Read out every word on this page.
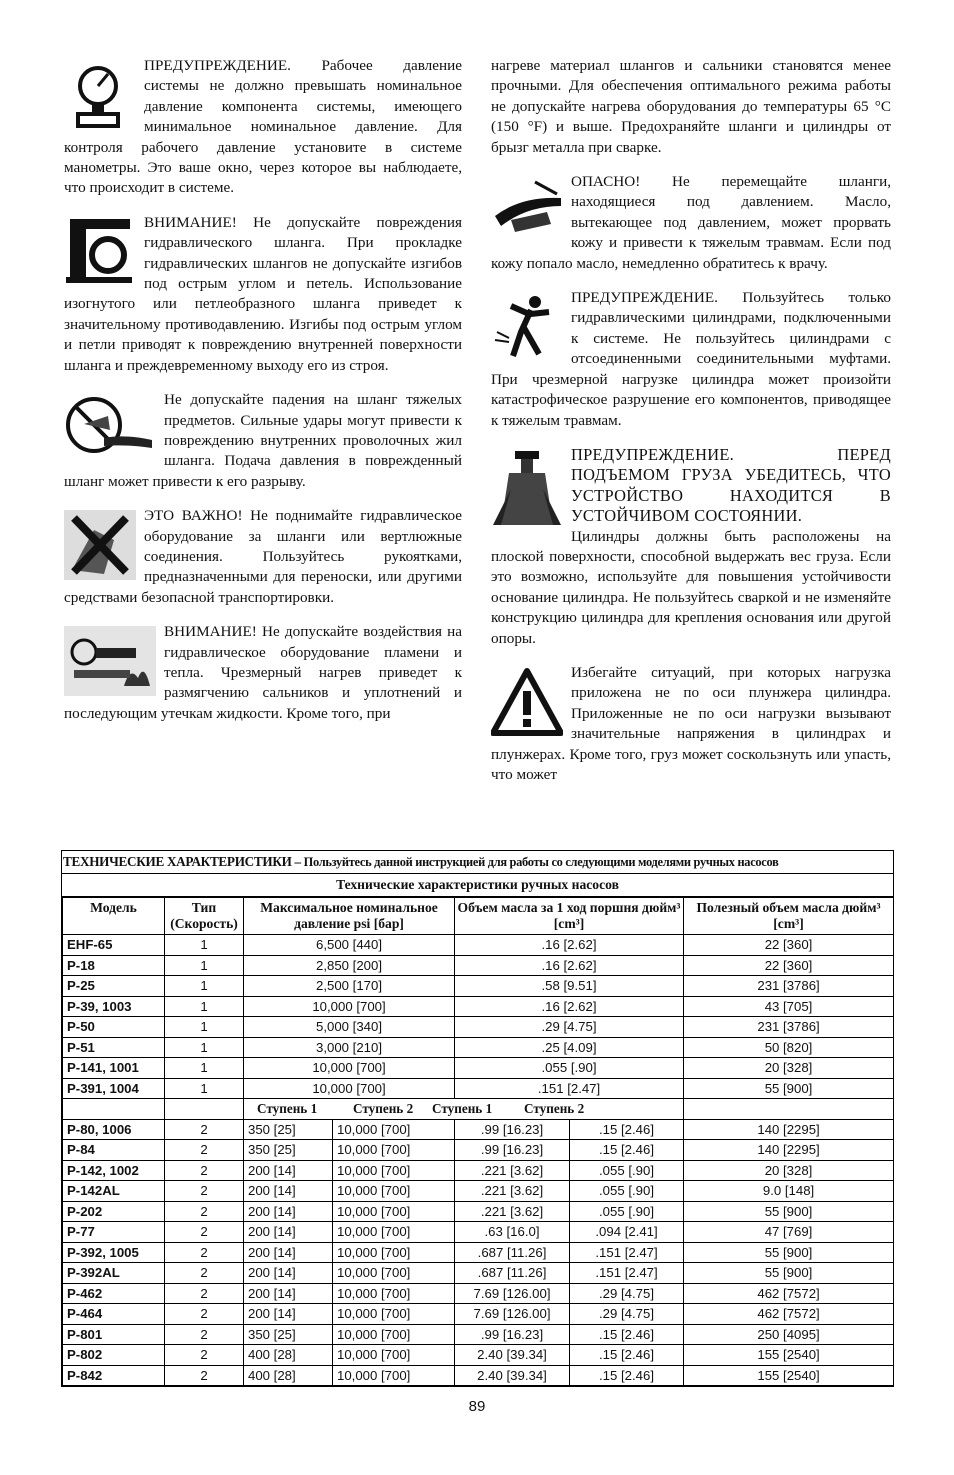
ПРЕДУПРЕЖДЕНИЕ. Рабочее давление системы не должно превышать номинальное давление компонента системы, имеющего минимальное номинальное давление. Для контроля рабочего давление установите в системе манометры. Это ваше окно, через которое вы наблюдаете, что происходит в системе.

ВНИМАНИЕ! Не допускайте повреждения гидравлического шланга. При прокладке гидравлических шлангов не допускайте изгибов под острым углом и петель. Использование изогнутого или петлеобразного шланга приведет к значительному противодавлению. Изгибы под острым углом и петли приводят к повреждению внутренней поверхности шланга и преждевременному выходу его из строя.

Не допускайте падения на шланг тяжелых предметов. Сильные удары могут привести к повреждению внутренних проволочных жил шланга. Подача давления в поврежденный шланг может привести к его разрыву.

ЭТО ВАЖНО! Не поднимайте гидравлическое оборудование за шланги или вертлюжные соединения. Пользуйтесь рукоятками, предназначенными для переноски, или другими средствами безопасной транспортировки.

ВНИМАНИЕ! Не допускайте воздействия на гидравлическое оборудование пламени и тепла. Чрезмерный нагрев приведет к размягчению сальников и уплотнений и последующим утечкам жидкости. Кроме того, при

нагреве материал шлангов и сальники становятся менее прочными. Для обеспечения оптимального режима работы не допускайте нагрева оборудования до температуры 65 °C (150 °F) и выше. Предохраняйте шланги и цилиндры от брызг металла при сварке.

ОПАСНО! Не перемещайте шланги, находящиеся под давлением. Масло, вытекающее под давлением, может прорвать кожу и привести к тяжелым травмам. Если под кожу попало масло, немедленно обратитесь к врачу.

ПРЕДУПРЕЖДЕНИЕ. Пользуйтесь только гидравлическими цилиндрами, подключенными к системе. Не пользуйтесь цилиндрами с отсоединенными соединительными муфтами. При чрезмерной нагрузке цилиндра может произойти катастрофическое разрушение его компонентов, приводящее к тяжелым травмам.

ПРЕДУПРЕЖДЕНИЕ. ПЕРЕД ПОДЪЕМОМ ГРУЗА УБЕДИТЕСЬ, ЧТО УСТРОЙСТВО НАХОДИТСЯ В УСТОЙЧИВОМ СОСТОЯНИИ.

Цилиндры должны быть расположены на плоской поверхности, способной выдержать вес груза. Если это возможно, используйте для повышения устойчивости основание цилиндра. Не пользуйтесь сваркой и не изменяйте конструкцию цилиндра для крепления основания или другой опоры.

Избегайте ситуаций, при которых нагрузка приложена не по оси плунжера цилиндра. Приложенные не по оси нагрузки вызывают значительные напряжения в цилиндрах и плунжерах. Кроме того, груз может соскользнуть или упасть, что может

ТЕХНИЧЕСКИЕ ХАРАКТЕРИСТИКИ – Пользуйтесь данной инструкцией для работы со следующими моделями ручных насосов
Технические характеристики ручных насосов
Модель	Тип (Скорость)	Максимальное номинальное давление psi [бар]		Объем масла за 1 ход поршня дюйм³ [cm³]		Полезный объем масла дюйм³ [cm³]
EHF-65	1	6,500 [440]		.16 [2.62]		22 [360]
P-18	1	2,850 [200]		.16 [2.62]		22 [360]
P-25	1	2,500 [170]		.58 [9.51]		231 [3786]
P-39, 1003	1	10,000 [700]		.16 [2.62]		43 [705]
P-50	1	5,000 [340]		.29 [4.75]		231 [3786]
P-51	1	3,000 [210]		.25 [4.09]		50 [820]
P-141, 1001	1	10,000 [700]		.055 [.90]		20 [328]
P-391, 1004	1	10,000 [700]		.151 [2.47]		55 [900]

		Ступень 1 Ступень 2 Ступень 1 Ступень 2				

P-80, 1006	2	350 [25]	10,000 [700]	.99 [16.23]	.15 [2.46]	140 [2295]
P-84	2	350 [25]	10,000 [700]	.99 [16.23]	.15 [2.46]	140 [2295]
P-142, 1002	2	200 [14]	10,000 [700]	.221 [3.62]	.055 [.90]	20 [328]
P-142AL	2	200 [14]	10,000 [700]	.221 [3.62]	.055 [.90]	9.0 [148]
P-202	2	200 [14]	10,000 [700]	.221 [3.62]	.055 [.90]	55 [900]
P-77	2	200 [14]	10,000 [700]	.63 [16.0]	.094 [2.41]	47 [769]
P-392, 1005	2	200 [14]	10,000 [700]	.687 [11.26]	.151 [2.47]	55 [900]
P-392AL	2	200 [14]	10,000 [700]	.687 [11.26]	.151 [2.47]	55 [900]
P-462	2	200 [14]	10,000 [700]	7.69 [126.00]	.29 [4.75]	462 [7572]
P-464	2	200 [14]	10,000 [700]	7.69 [126.00]	.29 [4.75]	462 [7572]
P-801	2	350 [25]	10,000 [700]	.99 [16.23]	.15 [2.46]	250 [4095]
P-802	2	400 [28]	10,000 [700]	2.40 [39.34]	.15 [2.46]	155 [2540]
P-842	2	400 [28]	10,000 [700]	2.40 [39.34]	.15 [2.46]	155 [2540]
89
